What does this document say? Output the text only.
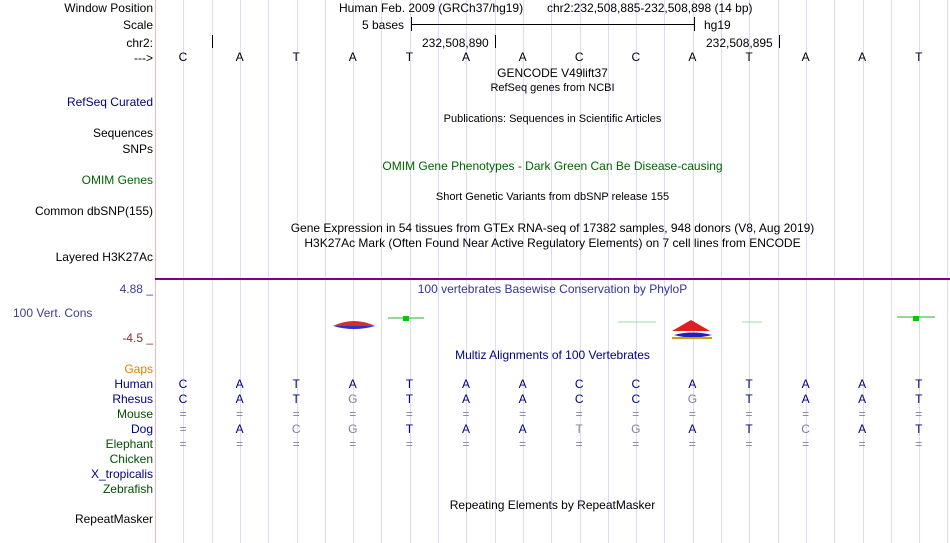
Window Position
Scale
chr2:
--->
Human Feb. 2009 (GRCh37/hg19) chr2:232,508,885-232,508,898 (14 bp)
5 bases	hg19
232,508,890	232,508,895
C	A	T	A	T	A	A	C	C	A	T	A	A	T
GENCODE V49lift37
RefSeq genes from NCBI
RefSeq Curated
Publications: Sequences in Scientific Articles
Sequences
SNPs
OMIM Gene Phenotypes - Dark Green Can Be Disease-causing
OMIM Genes
Short Genetic Variants from dbSNP release 155
Common dbSNP(155)
Gene Expression in 54 tissues from GTEx RNA-seq of 17382 samples, 948 donors (V8, Aug 2019)
H3K27Ac Mark (Often Found Near Active Regulatory Elements) on 7 cell lines from ENCODE
Layered H3K27Ac
100 vertebrates Basewise Conservation by PhyloP
4.88 _
100 Vert. Cons
-4.5 _
Multiz Alignments of 100 Vertebrates
Gaps
Human	C	A	T	A	T	A	A	C	C	A	T	A	A	T
Rhesus	C	A	T	G	T	A	A	C	C	G	T	A	A	T
Mouse	=	=	=	=	=	=	=	=	=	=	=	=	=	=
Dog	=	A	C	G	T	A	A	T	G	A	T	C	A	T
Elephant	=	=	=	=	=	=	=	=	=	=	=	=	=	=
Chicken
X_tropicalis
Zebrafish
Repeating Elements by RepeatMasker
RepeatMasker
